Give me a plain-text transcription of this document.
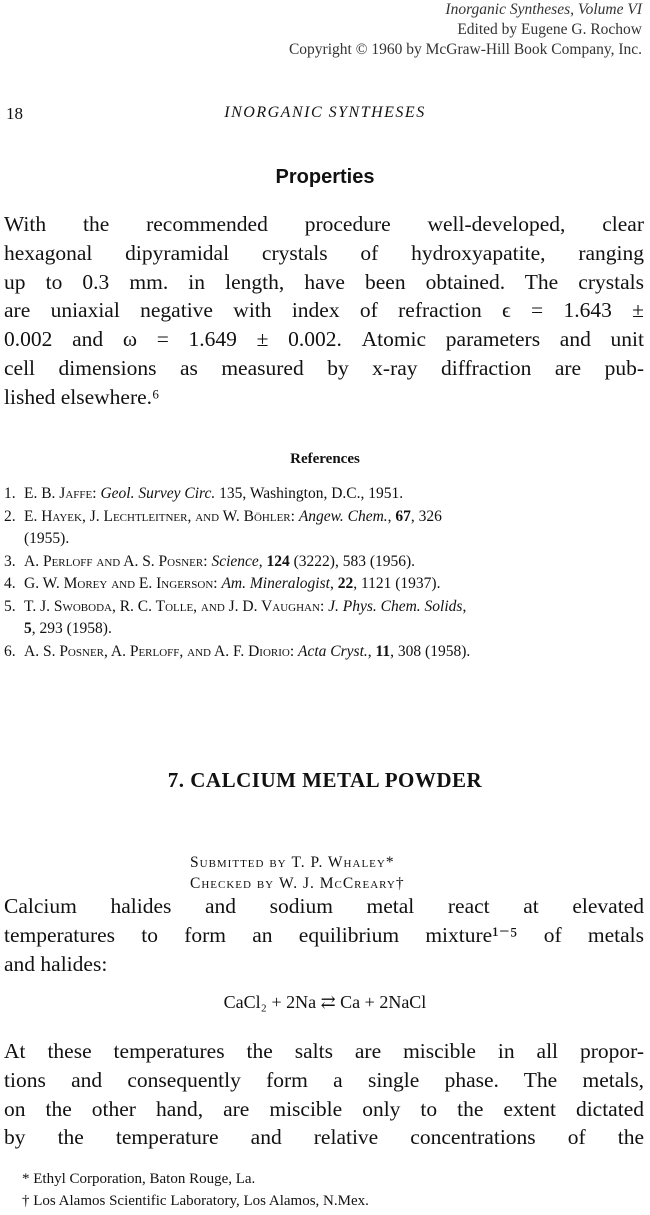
Inorganic Syntheses, Volume VI
Edited by Eugene G. Rochow
Copyright © 1960 by McGraw-Hill Book Company, Inc.
18	INORGANIC SYNTHESES
Properties
With the recommended procedure well-developed, clear
hexagonal dipyramidal crystals of hydroxyapatite, ranging
up to 0.3 mm. in length, have been obtained. The crystals
are uniaxial negative with index of refraction ϵ = 1.643 ±
0.002 and ω = 1.649 ± 0.002. Atomic parameters and unit
cell dimensions as measured by x-ray diffraction are pub-
lished elsewhere.⁶
References
1. E. B. Jaffe: Geol. Survey Circ. 135, Washington, D.C., 1951.
2. E. Hayek, J. Lechtleitner, and W. Böhler: Angew. Chem., 67, 326
(1955).
3. A. Perloff and A. S. Posner: Science, 124 (3222), 583 (1956).
4. G. W. Morey and E. Ingerson: Am. Mineralogist, 22, 1121 (1937).
5. T. J. Swoboda, R. C. Tolle, and J. D. Vaughan: J. Phys. Chem. Solids,
5, 293 (1958).
6. A. S. Posner, A. Perloff, and A. F. Diorio: Acta Cryst., 11, 308 (1958).
7. CALCIUM METAL POWDER
Submitted by T. P. Whaley*
Checked by W. J. McCreary†
Calcium halides and sodium metal react at elevated
temperatures to form an equilibrium mixture¹⁻⁵ of metals
and halides:
CaCl₂ + 2Na ⇄ Ca + 2NaCl
At these temperatures the salts are miscible in all propor-
tions and consequently form a single phase. The metals,
on the other hand, are miscible only to the extent dictated
by the temperature and relative concentrations of the
* Ethyl Corporation, Baton Rouge, La.
† Los Alamos Scientific Laboratory, Los Alamos, N.Mex.
